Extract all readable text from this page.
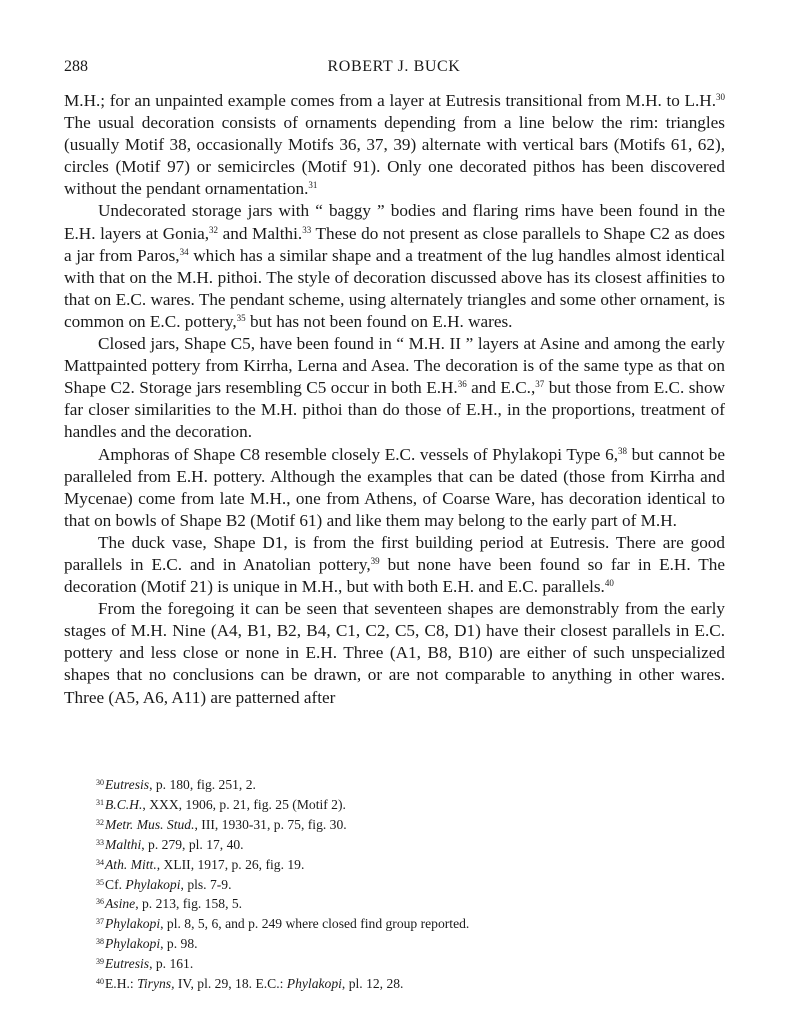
288	ROBERT J. BUCK

M.H.; for an unpainted example comes from a layer at Eutresis transitional from M.H. to L.H.$^{30}$ The usual decoration consists of ornaments depending from a line below the rim: triangles (usually Motif 38, occasionally Motifs 36, 37, 39) alternate with vertical bars (Motifs 61, 62), circles (Motif 97) or semicircles (Motif 91). Only one decorated pithos has been discovered without the pendant ornamentation.$^{31}$

Undecorated storage jars with “ baggy ” bodies and flaring rims have been found in the E.H. layers at Gonia,$^{32}$ and Malthi.$^{33}$ These do not present as close parallels to Shape C2 as does a jar from Paros,$^{34}$ which has a similar shape and a treatment of the lug handles almost identical with that on the M.H. pithoi. The style of decoration discussed above has its closest affinities to that on E.C. wares. The pendant scheme, using alternately triangles and some other ornament, is common on E.C. pottery,$^{35}$ but has not been found on E.H. wares.

Closed jars, Shape C5, have been found in “ M.H. II ” layers at Asine and among the early Mattpainted pottery from Kirrha, Lerna and Asea. The decoration is of the same type as that on Shape C2. Storage jars resembling C5 occur in both E.H.$^{36}$ and E.C.,$^{37}$ but those from E.C. show far closer similarities to the M.H. pithoi than do those of E.H., in the proportions, treatment of handles and the decoration.

Amphoras of Shape C8 resemble closely E.C. vessels of Phylakopi Type 6,38 but cannot be paralleled from E.H. pottery. Although the examples that can be dated (those from Kirrha and Mycenae) come from late M.H., one from Athens, of Coarse Ware, has decoration identical to that on bowls of Shape B2 (Motif 61) and like them may belong to the early part of M.H.

The duck vase, Shape D1, is from the first building period at Eutresis. There are good parallels in E.C. and in Anatolian pottery,$^{39}$ but none have been found so far in E.H. The decoration (Motif 21) is unique in M.H., but with both E.H. and E.C. parallels.$^{40}$

From the foregoing it can be seen that seventeen shapes are demonstrably from the early stages of M.H. Nine (A4, B1, B2, B4, C1, C2, C5, C8, D1) have their closest parallels in E.C. pottery and less close or none in E.H. Three (A1, B8, B10) are either of such unspecialized shapes that no conclusions can be drawn, or are not comparable to anything in other wares. Three (A5, A6, A11) are patterned after

$^{30}$Eutresis, p. 180, fig. 251, 2.
$^{31}$B.C.H., XXX, 1906, p. 21, fig. 25 (Motif 2).
$^{32}$Metr. Mus. Stud., III, 1930-31, p. 75, fig. 30.
$^{33}$Malthi, p. 279, pl. 17, 40.
$^{34}$Ath. Mitt., XLII, 1917, p. 26, fig. 19.
$^{35}$Cf. Phylakopi, pls. 7-9.
$^{36}$Asine, p. 213, fig. 158, 5.
$^{37}$Phylakopi, pl. 8, 5, 6, and p. 249 where closed find group reported.
$^{38}$Phylakopi, p. 98.
$^{39}$Eutresis, p. 161.
$^{40}$E.H.: Tiryns, IV, pl. 29, 18. E.C.: Phylakopi, pl. 12, 28.
